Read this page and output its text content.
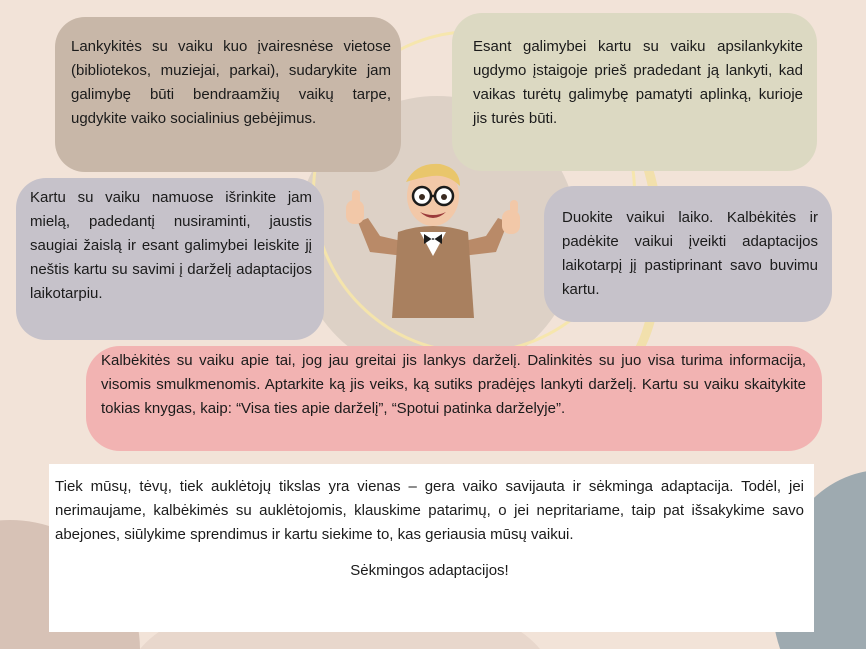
Lankykitės su vaiku kuo įvairesnėse vietose (bibliotekos, muziejai, parkai), sudarykite jam galimybę būti bendraamžių vaikų tarpe, ugdykite vaiko socialinius gebėjimus.
Esant galimybei kartu su vaiku apsilankykite ugdymo įstaigoje prieš pradedant ją lankyti, kad vaikas turėtų galimybę pamatyti aplinką, kurioje jis turės būti.
Kartu su vaiku namuose išrinkite jam mielą, padedantį nusiraminti, jaustis saugiai žaislą ir esant galimybei leiskite jį neštis kartu su savimi į darželį adaptacijos laikotarpiu.
Duokite vaikui laiko. Kalbėkitės ir padėkite vaikui įveikti adaptacijos laikotarpį jį pastiprinant savo buvimu kartu.
Kalbėkitės su vaiku apie tai, jog jau greitai jis lankys darželį. Dalinkitės su juo visa turima informacija, visomis smulkmenomis. Aptarkite ką jis veiks, ką sutiks pradėjęs lankyti darželį. Kartu su vaiku skaitykite tokias knygas, kaip: “Visa ties apie darželį”, “Spotui patinka darželyje”.
Tiek mūsų, tėvų, tiek auklėtojų tikslas yra vienas – gera vaiko savijauta ir sėkminga adaptacija. Todėl, jei nerimaujame, kalbėkimės su auklėtojomis, klauskime patarimų, o jei nepritariame, taip pat išsakykime savo abejones, siūlykime sprendimus ir kartu siekime to, kas geriausia mūsų vaikui.
Sėkmingos adaptacijos!
